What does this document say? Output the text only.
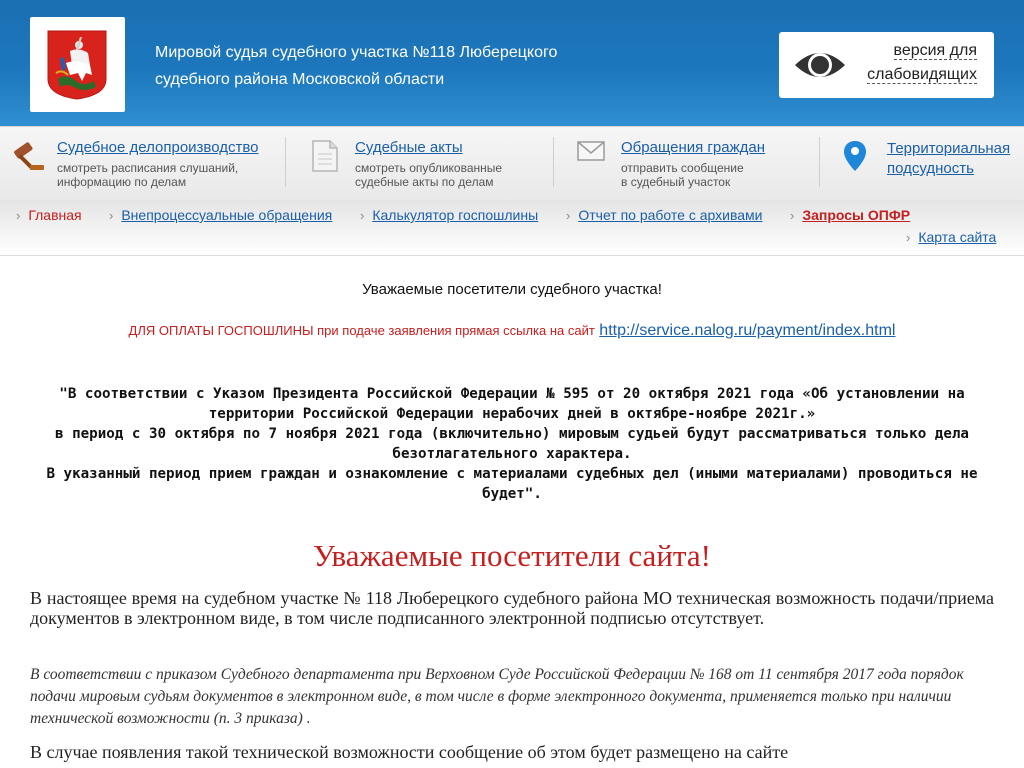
Мировой судья судебного участка №118 Люберецкого судебного района Московской области
версия для слабовидящих
Судебное делопроизводство
смотреть расписания слушаний,
информацию по делам
Судебные акты
смотреть опубликованные
судебные акты по делам
Обращения граждан
отправить сообщение
в судебный участок
Территориальная
подсудность
› Главная › Внепроцессуальные обращения › Калькулятор госпошлины › Отчет по работе с архивами › Запросы ОПФР
› Карта сайта
Уважаемые посетители судебного участка!
ДЛЯ ОПЛАТЫ ГОСПОШЛИНЫ при подаче заявления прямая ссылка на сайт http://service.nalog.ru/payment/index.html
"В соответствии с Указом Президента Российской Федерации № 595 от 20 октября 2021 года «Об установлении на территории Российской Федерации нерабочих дней в октябре-ноябре 2021г.»
в период с 30 октября по 7 ноября 2021 года (включительно) мировым судьей будут рассматриваться только дела безотлагательного характера.
В указанный период прием граждан и ознакомление с материалами судебных дел (иными материалами) проводиться не будет".
Уважаемые посетители сайта!
В настоящее время на судебном участке № 118 Люберецкого судебного района МО техническая возможность подачи/приема документов в электронном виде, в том числе подписанного электронной подписью отсутствует.
В соответствии с приказом Судебного департамента при Верховном Суде Российской Федерации № 168 от 11 сентября 2017 года порядок подачи мировым судьям документов в электронном виде, в том числе в форме электронного документа, применяется только при наличии технической возможности (п. 3 приказа) .
В случае появления такой технической возможности сообщение об этом будет размещено на сайте
